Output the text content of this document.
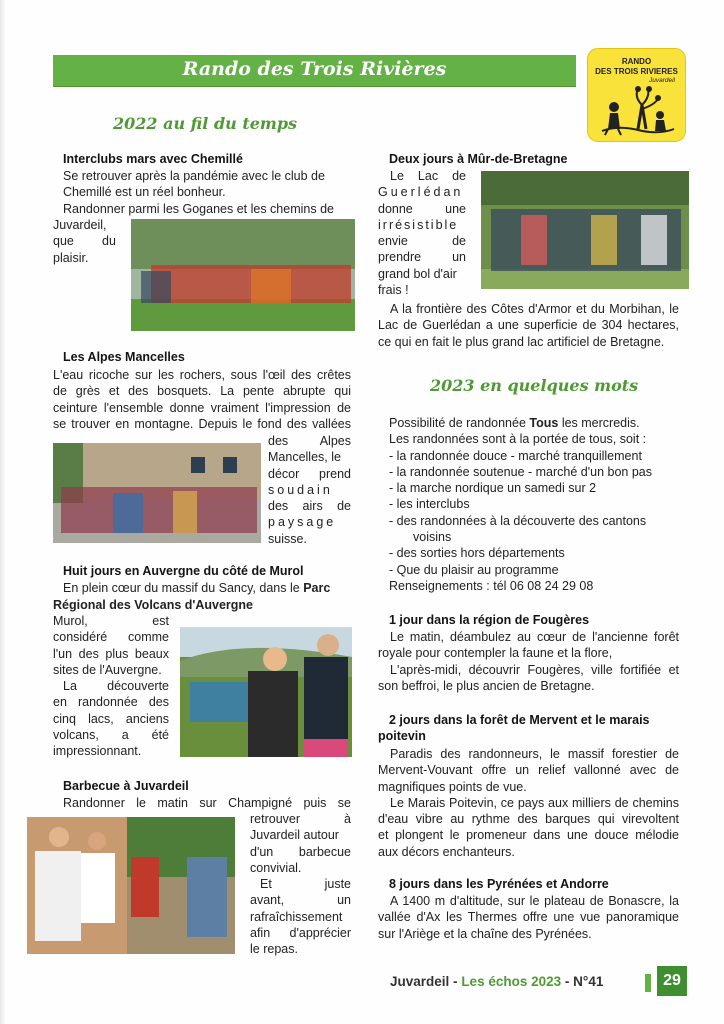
Rando des Trois Rivières	RANDO
DES TROIS RIVIERES
Juvardeil
2022 au fil du temps
Interclubs mars avec Chemillé
Se retrouver après la pandémie avec le club de
Chemillé est un réel bonheur.
Randonner parmi les Goganes et les chemins de
Juvardeil,
que du
plaisir.
Les Alpes Mancelles
L'eau ricoche sur les rochers, sous l'œil des crêtes
de grès et des bosquets. La pente abrupte qui
ceinture l'ensemble donne vraiment l'impression de
se trouver en montagne. Depuis le fond des vallées
des Alpes
Mancelles, le
décor prend
soudain
des airs de
paysage
suisse.
Huit jours en Auvergne du côté de Murol
En plein cœur du massif du Sancy, dans le Parc
Régional des Volcans d'Auvergne
Murol, est
considéré comme
l'un des plus beaux
sites de l'Auvergne.
La découverte
en randonnée des
cinq lacs, anciens
volcans, a été
impressionnant.
Barbecue à Juvardeil
Randonner le matin sur Champigné puis se
retrouver à
Juvardeil autour
d'un barbecue
convivial.
Et juste
avant, un
rafraîchissement
afin d'apprécier
le repas.
Deux jours à Mûr-de-Bretagne
Le Lac de
Guerlédan
donne une
irrésistible
envie de
prendre un
grand bol d'air
frais !
A la frontière des Côtes d'Armor et du Morbihan, le
Lac de Guerlédan a une superficie de 304 hectares,
ce qui en fait le plus grand lac artificiel de Bretagne.
2023 en quelques mots
Possibilité de randonnée Tous les mercredis.
Les randonnées sont à la portée de tous, soit :
- la randonnée douce - marché tranquillement
- la randonnée soutenue - marché d'un bon pas
- la marche nordique un samedi sur 2
- les interclubs
- des randonnées à la découverte des cantons
voisins
- des sorties hors départements
- Que du plaisir au programme
Renseignements : tél 06 08 24 29 08
1 jour dans la région de Fougères
Le matin, déambulez au cœur de l'ancienne forêt
royale pour contempler la faune et la flore,
L'après-midi, découvrir Fougères, ville fortifiée et
son beffroi, le plus ancien de Bretagne.
2 jours dans la forêt de Mervent et le marais
poitevin
Paradis des randonneurs, le massif forestier de
Mervent-Vouvant offre un relief vallonné avec de
magnifiques points de vue.
Le Marais Poitevin, ce pays aux milliers de chemins
d'eau vibre au rythme des barques qui virevoltent
et plongent le promeneur dans une douce mélodie
aux décors enchanteurs.
8 jours dans les Pyrénées et Andorre
A 1400 m d'altitude, sur le plateau de Bonascre, la
vallée d'Ax les Thermes offre une vue panoramique
sur l'Ariège et la chaîne des Pyrénées.
Juvardeil - Les échos 2023 - N°41	29
